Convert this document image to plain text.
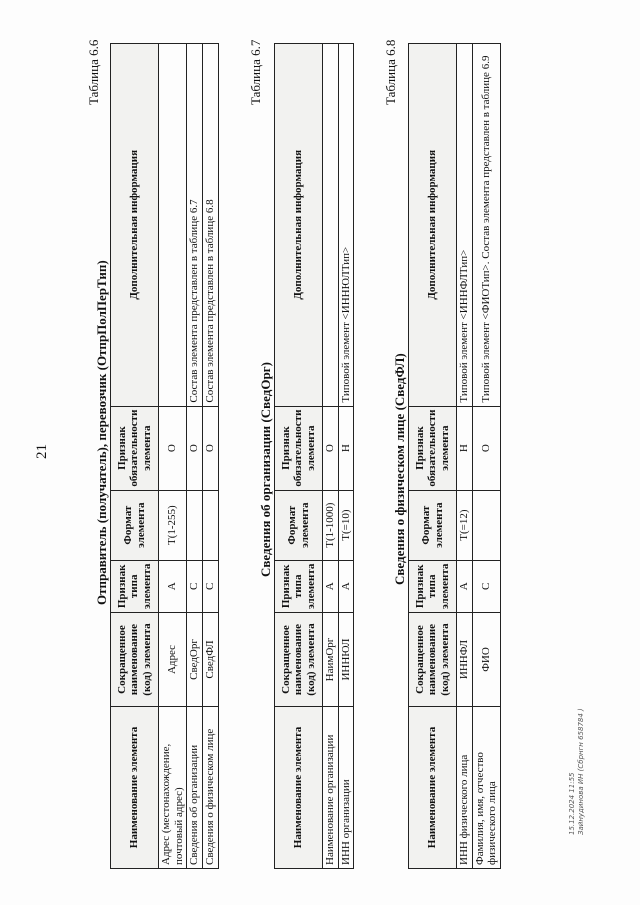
21
Таблица 6.6
Отправитель (получатель), перевозчик (ОтпрПолПерТип)
Наименование элемента	Сокращенное наименование (код) элемента	Признак типа элемента	Формат элемента	Признак обязательности элемента	Дополнительная информация
Адрес (местонахождение, почтовый адрес)	Адрес	А	T(1-255)	О	
Сведения об организации	СведОрг	С		О	Состав элемента представлен в таблице 6.7
Сведения о физическом лице	СведФЛ	С		О	Состав элемента представлен в таблице 6.8
Таблица 6.7
Сведения об организации (СведОрг)
Наименование элемента	Сокращенное наименование (код) элемента	Признак типа элемента	Формат элемента	Признак обязательности элемента	Дополнительная информация
Наименование организации	НаимОрг	А	T(1-1000)	О	
ИНН организации	ИННЮЛ	А	T(=10)	Н	Типовой элемент <ИННЮЛТип>
Таблица 6.8
Сведения о физическом лице (СведФЛ)
Наименование элемента	Сокращенное наименование (код) элемента	Признак типа элемента	Формат элемента	Признак обязательности элемента	Дополнительная информация
ИНН физического лица	ИННФЛ	А	T(=12)	Н	Типовой элемент <ИННФЛТип>
Фамилия, имя, отчество физического лица	ФИО	С		О	Типовой элемент <ФИОТип>. Состав элемента представлен в таблице 6.9
15.12.2024 11:55 Зайнудинова ИН (Сбрнгн 658784 )
